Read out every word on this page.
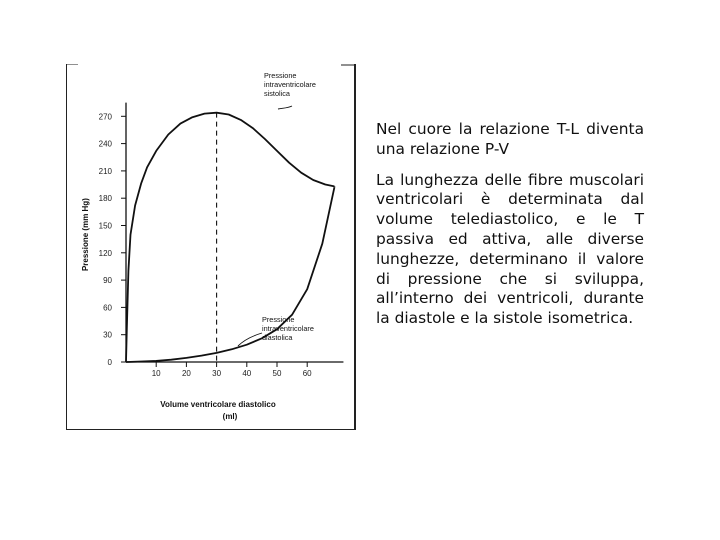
0
30
60
90
120
150
180
210
240
270
10	20	30	40	50	60
Pressione
intraventricolare
sistolica
Pressione
intraventricolare
diastolica
Pressione (mm Hg)
Volume ventricolare diastolico
(ml)

Nel cuore la relazione T-L diventa una relazione P-V

La lunghezza delle fibre muscolari ventricolari è determinata dal volume telediastolico, e le T passiva ed attiva, alle diverse lunghezze, determinano il valore di pressione che si sviluppa, all’interno dei ventricoli, durante la diastole e la sistole isometrica.
